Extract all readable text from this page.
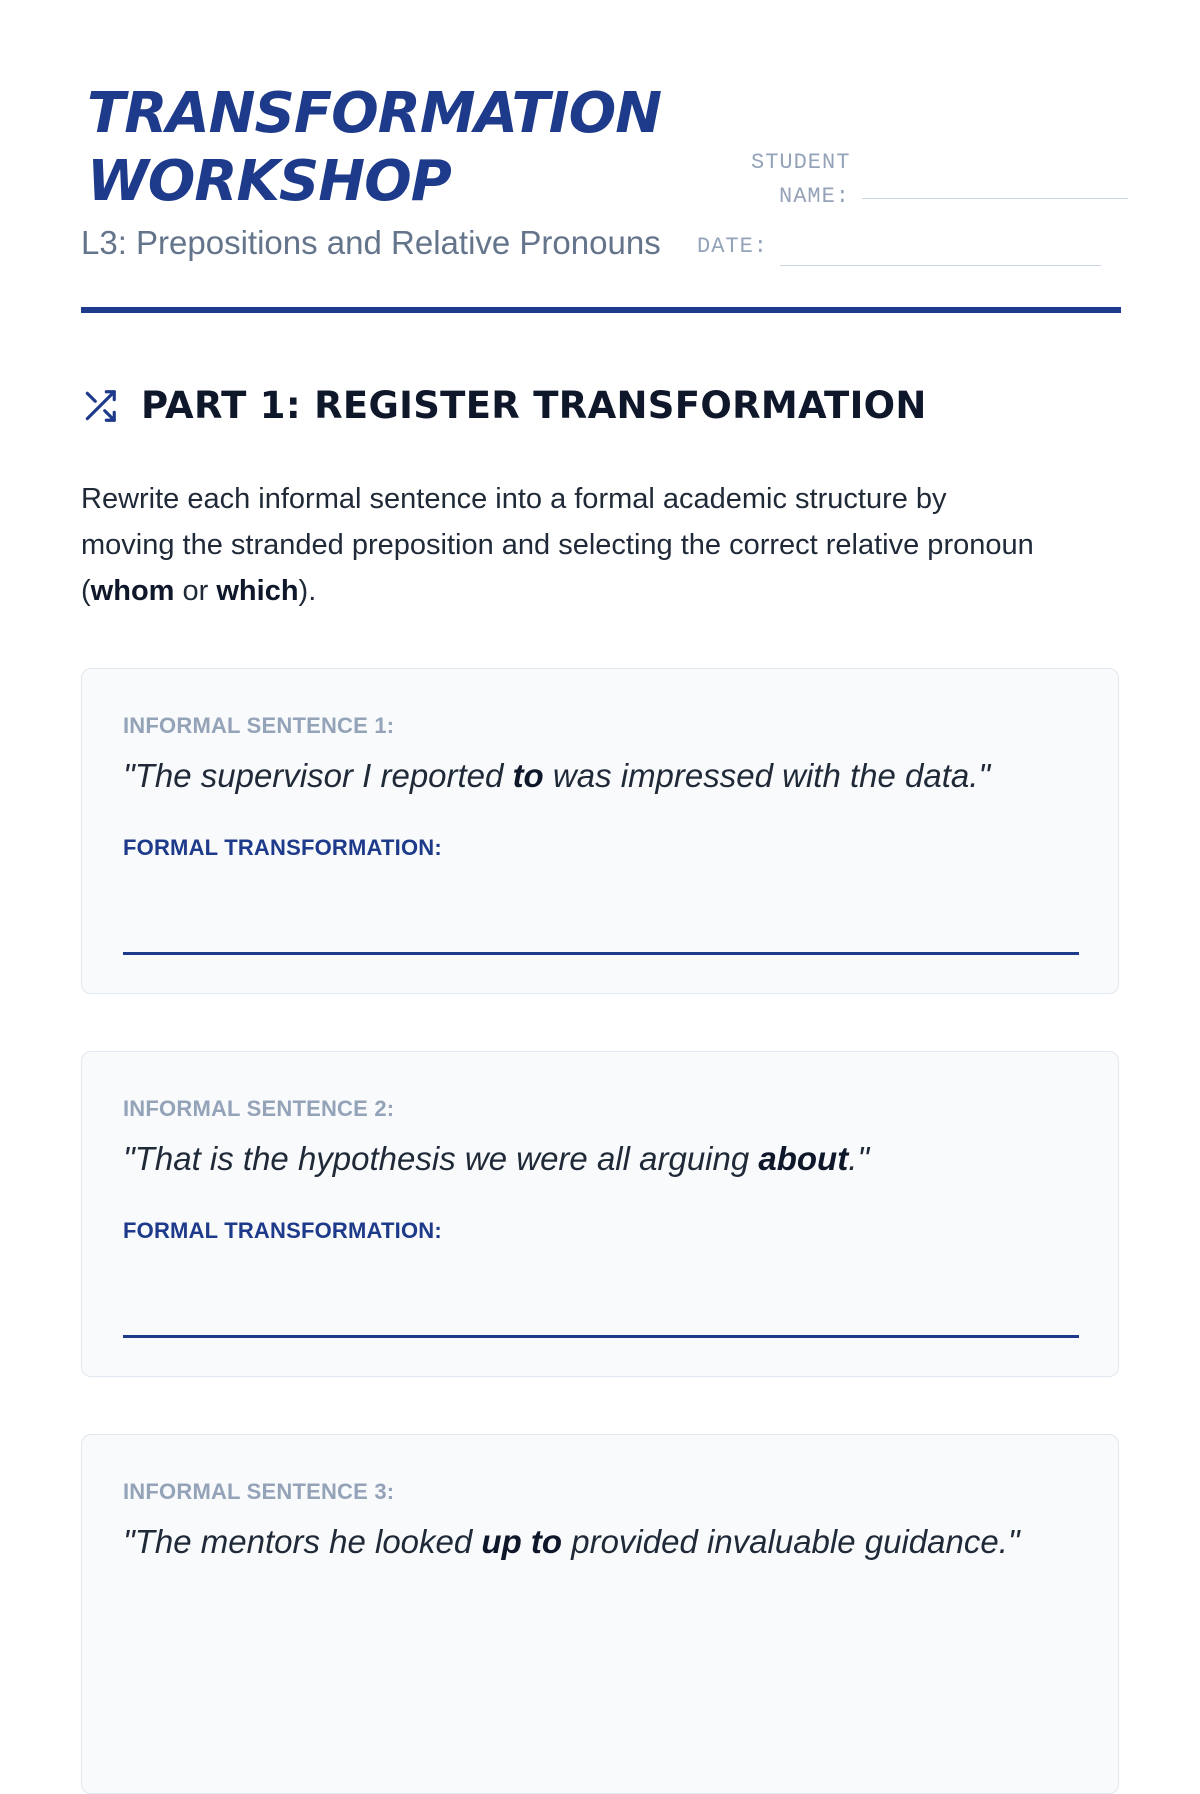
TRANSFORMATION
WORKSHOP
L3: Prepositions and Relative Pronouns
STUDENT
NAME:
DATE:
PART 1: REGISTER TRANSFORMATION
Rewrite each informal sentence into a formal academic structure by moving the stranded preposition and selecting the correct relative pronoun (whom or which).
INFORMAL SENTENCE 1:
"The supervisor I reported to was impressed with the data."
FORMAL TRANSFORMATION:
INFORMAL SENTENCE 2:
"That is the hypothesis we were all arguing about."
FORMAL TRANSFORMATION:
INFORMAL SENTENCE 3:
"The mentors he looked up to provided invaluable guidance."
